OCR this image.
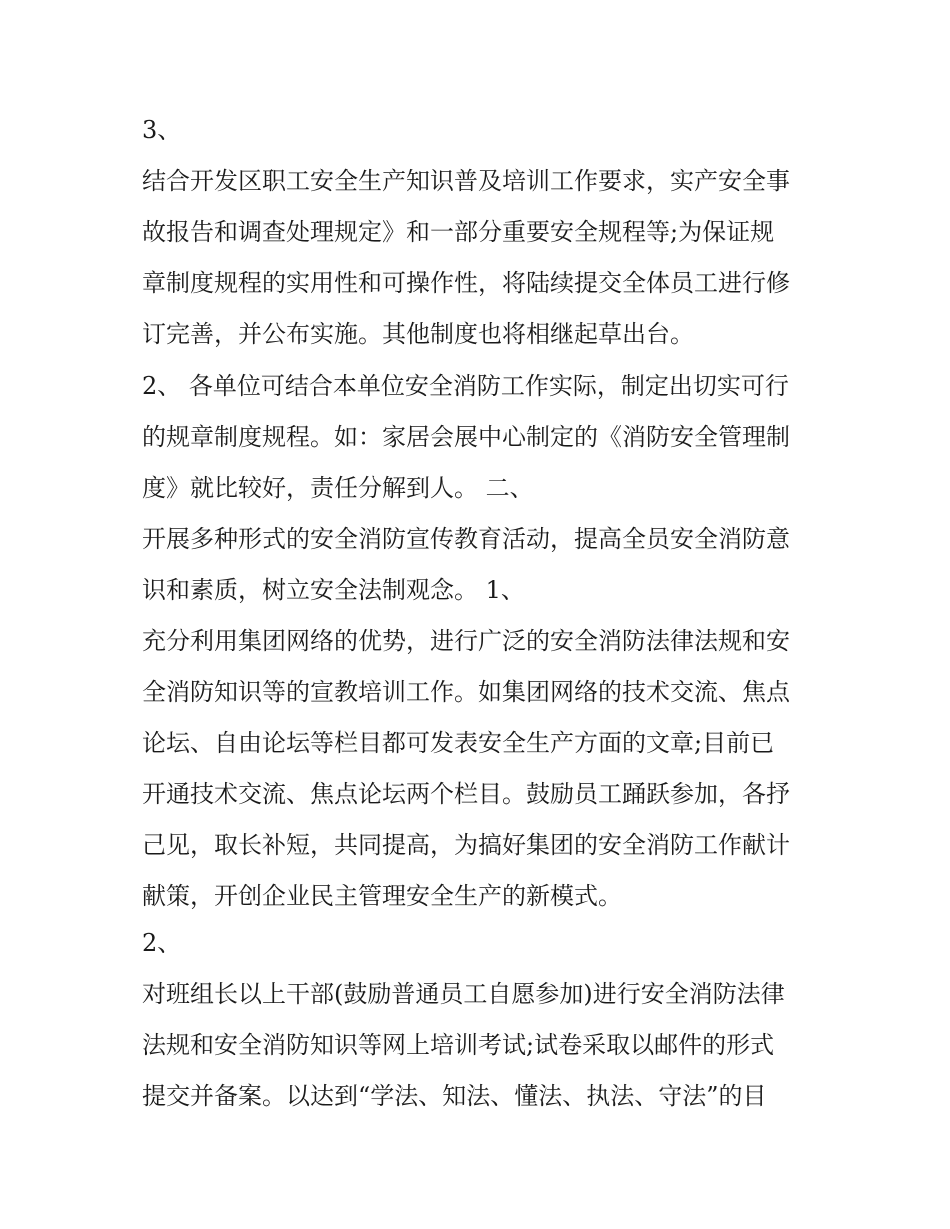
3、
结合开发区职工安全生产知识普及培训工作要求，实产安全事
故报告和调查处理规定》和一部分重要安全规程等;为保证规
章制度规程的实用性和可操作性，将陆续提交全体员工进行修
订完善，并公布实施。其他制度也将相继起草出台。
2、 各单位可结合本单位安全消防工作实际，制定出切实可行
的规章制度规程。如：家居会展中心制定的《消防安全管理制
度》就比较好，责任分解到人。 二、
开展多种形式的安全消防宣传教育活动，提高全员安全消防意
识和素质，树立安全法制观念。 1、
充分利用集团网络的优势，进行广泛的安全消防法律法规和安
全消防知识等的宣教培训工作。如集团网络的技术交流、焦点
论坛、自由论坛等栏目都可发表安全生产方面的文章;目前已
开通技术交流、焦点论坛两个栏目。鼓励员工踊跃参加，各抒
己见，取长补短，共同提高，为搞好集团的安全消防工作献计
献策，开创企业民主管理安全生产的新模式。
2、
对班组长以上干部(鼓励普通员工自愿参加)进行安全消防法律
法规和安全消防知识等网上培训考试;试卷采取以邮件的形式
提交并备案。以达到“学法、知法、懂法、执法、守法”的目
